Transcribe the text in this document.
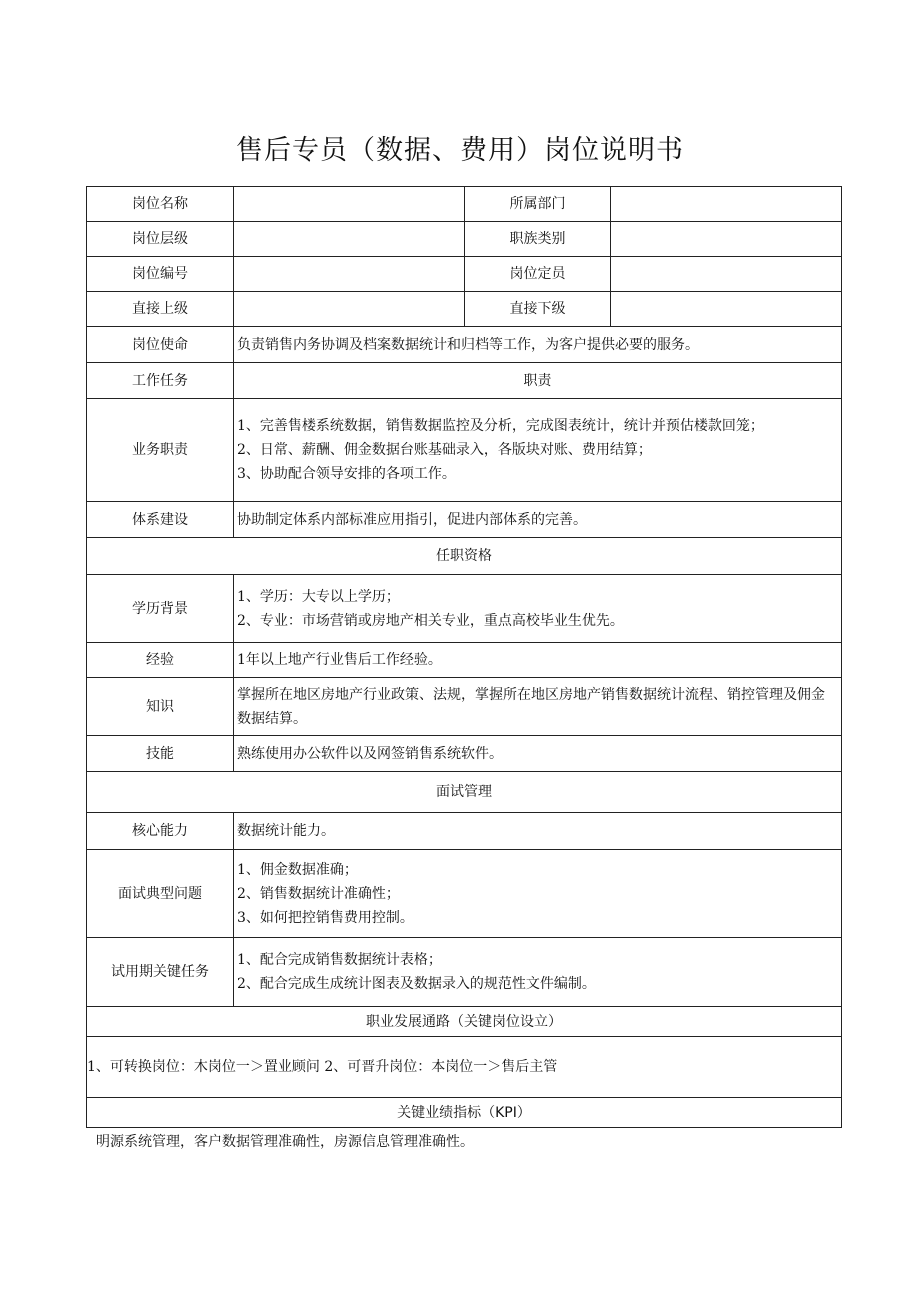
售后专员（数据、费用）岗位说明书
岗位名称		所属部门	
岗位层级		职族类别	
岗位编号		岗位定员	
直接上级		直接下级	
岗位使命	负责销售内务协调及档案数据统计和归档等工作，为客户提供必要的服务。		
工作任务	职责		
业务职责	1、完善售楼系统数据，销售数据监控及分析，完成图表统计，统计并预估楼款回笼；
2、日常、薪酬、佣金数据台账基础录入，各版块对账、费用结算；
3、协助配合领导安排的各项工作。		

体系建设	协助制定体系内部标准应用指引，促进内部体系的完善。		
任职资格			
学历背景	1、学历：大专以上学历；
2、专业：市场营销或房地产相关专业，重点高校毕业生优先。		

经验	1年以上地产行业售后工作经验。		
知识	掌握所在地区房地产行业政策、法规，掌握所在地区房地产销售数据统计流程、销控管理及佣金数据结算。		
技能	熟练使用办公软件以及网签销售系统软件。		
面试管理			
核心能力	数据统计能力。		
面试典型问题	1、佣金数据准确；
2、销售数据统计准确性；
3、如何把控销售费用控制。		

试用期关键任务	1、配合完成销售数据统计表格；
2、配合完成生成统计图表及数据录入的规范性文件编制。		

职业发展通路（关键岗位设立）			
1、可转换岗位：木岗位一＞置业顾问 2、可晋升岗位：本岗位一＞售后主管			
关键业绩指标（KPI）			
明源系统管理，客户数据管理准确性，房源信息管理准确性。
